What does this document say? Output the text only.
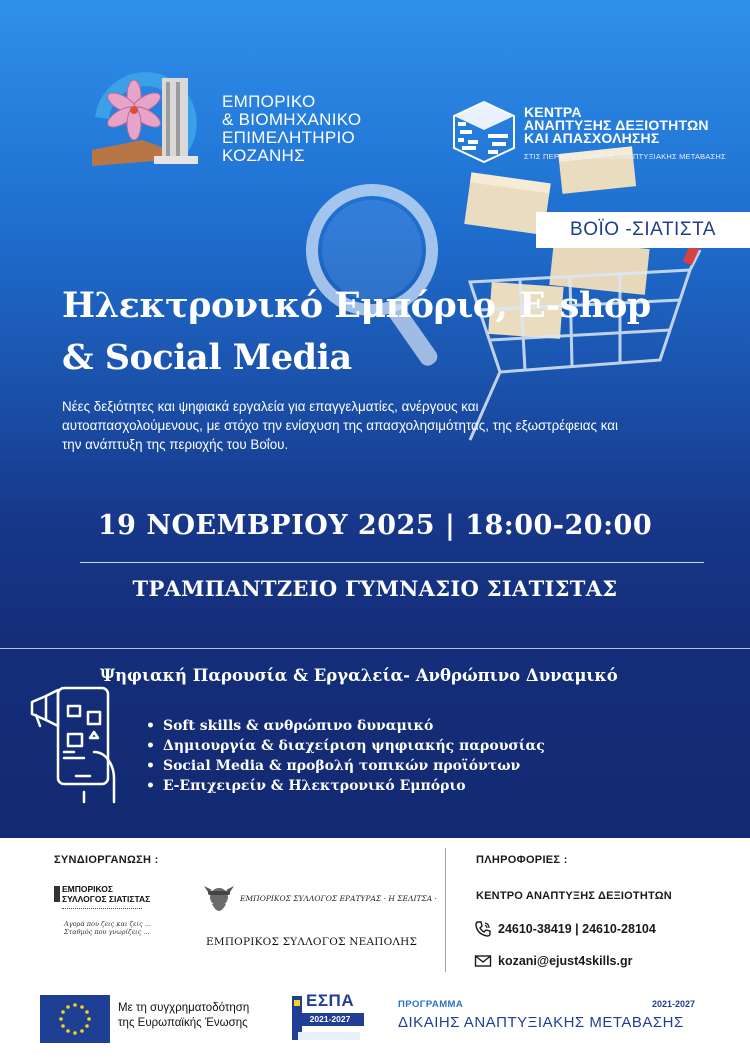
ΕΜΠΟΡΙΚΟ
& ΒΙΟΜΗΧΑΝΙΚΟ
ΕΠΙΜΕΛΗΤΗΡΙΟ
ΚΟΖΑΝΗΣ
ΚΕΝΤΡΑ
ΑΝΑΠΤΥΞΗΣ ΔΕΞΙΟΤΗΤΩΝ
ΚΑΙ ΑΠΑΣΧΟΛΗΣΗΣ
ΣΤΙΣ ΠΕΡΙΟΧΕΣ ΔΙΚΑΙΗΣ ΑΝΑΠΤΥΞΙΑΚΗΣ ΜΕΤΑΒΑΣΗΣ
ΒΟΪΟ -ΣΙΑΤΙΣΤΑ
Ηλεκτρονικό Εμπόριο, E-shop
& Social Media
Νέες δεξιότητες και ψηφιακά εργαλεία για επαγγελματίες, ανέργους και αυτοαπασχολούμενους, με στόχο την ενίσχυση της απασχολησιμότητας, της εξωστρέφειας και την ανάπτυξη της περιοχής του Βοΐου.
19 ΝΟΕΜΒΡΙΟΥ 2025 | 18:00-20:00
ΤΡΑΜΠΑΝΤΖΕΙΟ ΓΥΜΝΑΣΙΟ ΣΙΑΤΙΣΤΑΣ
Ψηφιακή Παρουσία & Εργαλεία- Ανθρώπινο Δυναμικό
• Soft skills & ανθρώπινο δυναμικό
• Δημιουργία & διαχείριση ψηφιακής παρουσίας
• Social Media & προβολή τοπικών προϊόντων
• Ε-Επιχειρείν & Ηλεκτρονικό Εμπόριο
ΣΥΝΔΙΟΡΓΑΝΩΣΗ :
ΕΜΠΟΡΙΚΟΣ ΣΥΛΛΟΓΟΣ ΣΙΑΤΙΣΤΑΣ
Αγορά που ζεις και ζεις ... Σταθμός που γνωρίζεις ...
ΕΜΠΟΡΙΚΟΣ ΣΥΛΛΟΓΟΣ ΕΡΑΤΥΡΑΣ · Η ΣΕΛΙΤΣΑ ·
ΕΜΠΟΡΙΚΟΣ ΣΥΛΛΟΓΟΣ ΝΕΑΠΟΛΗΣ
ΠΛΗΡΟΦΟΡΙΕΣ :
ΚΕΝΤΡΟ ΑΝΑΠΤΥΞΗΣ ΔΕΞΙΟΤΗΤΩΝ
24610-38419 | 24610-28104
kozani@ejust4skills.gr
Με τη συγχρηματοδότηση
της Ευρωπαϊκής Ένωσης
ΕΣΠΑ
2021-2027
ΠΡΟΓΡΑΜΜΑ	2021-2027
ΔΙΚΑΙΗΣ ΑΝΑΠΤΥΞΙΑΚΗΣ ΜΕΤΑΒΑΣΗΣ
